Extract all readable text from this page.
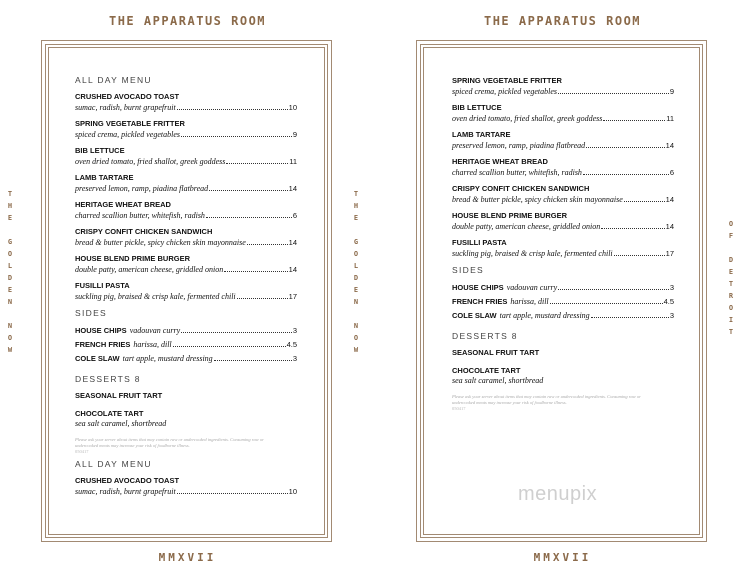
THE APPARATUS ROOM
T
H
E
G
O
L
D
E
N
N
O
W
ALL DAY MENU
CRUSHED AVOCADO TOAST
sumac, radish, burnt grapefruit	10
SPRING VEGETABLE FRITTER
spiced crema, pickled vegetables	9
BIB LETTUCE
oven dried tomato, fried shallot, greek goddess	11
LAMB TARTARE
preserved lemon, ramp, piadina flatbread	14
HERITAGE WHEAT BREAD
charred scallion butter, whitefish, radish	6
CRISPY CONFIT CHICKEN SANDWICH
bread & butter pickle, spicy chicken skin mayonnaise	14
HOUSE BLEND PRIME BURGER
double patty, american cheese, griddled onion	14
FUSILLI PASTA
suckling pig, braised & crisp kale, fermented chili	17
SIDES
HOUSE CHIPS vadouvan curry	3
FRENCH FRIES harissa, dill	4.5
COLE SLAW tart apple, mustard dressing	3
DESSERTS 8
SEASONAL FRUIT TART
CHOCOLATE TART
sea salt caramel, shortbread
Please ask your server about items that may contain raw or undercooked ingredients. Consuming raw or undercooked meats may increase your risk of foodborne illness.
050417
ALL DAY MENU
CRUSHED AVOCADO TOAST
sumac, radish, burnt grapefruit	10
MMXVII
THE APPARATUS ROOM
T
H
E
G
O
L
D
E
N
N
O
W
O
F
D
E
T
R
O
I
T
SPRING VEGETABLE FRITTER
spiced crema, pickled vegetables	9
BIB LETTUCE
oven dried tomato, fried shallot, greek goddess	11
LAMB TARTARE
preserved lemon, ramp, piadina flatbread	14
HERITAGE WHEAT BREAD
charred scallion butter, whitefish, radish	6
CRISPY CONFIT CHICKEN SANDWICH
bread & butter pickle, spicy chicken skin mayonnaise	14
HOUSE BLEND PRIME BURGER
double patty, american cheese, griddled onion	14
FUSILLI PASTA
suckling pig, braised & crisp kale, fermented chili	17
SIDES
HOUSE CHIPS vadouvan curry	3
FRENCH FRIES harissa, dill	4.5
COLE SLAW tart apple, mustard dressing	3
DESSERTS 8
SEASONAL FRUIT TART
CHOCOLATE TART
sea salt caramel, shortbread
Please ask your server about items that may contain raw or undercooked ingredients. Consuming raw or undercooked meats may increase your risk of foodborne illness.
050417
menupix
MMXVII
